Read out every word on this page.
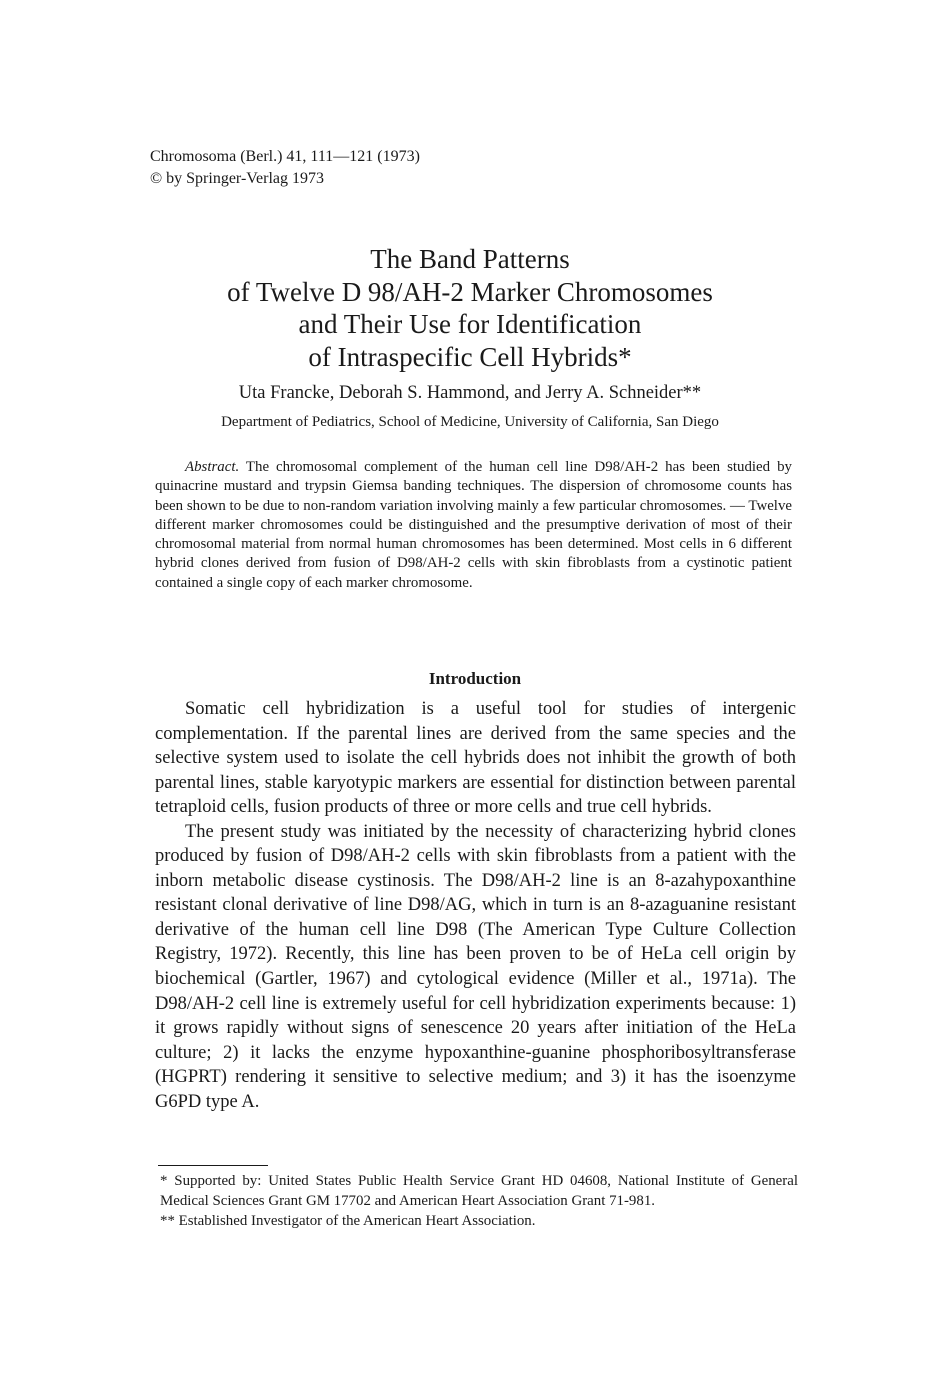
Chromosoma (Berl.) 41, 111—121 (1973)
© by Springer-Verlag 1973
The Band Patterns
of Twelve D 98/AH-2 Marker Chromosomes
and Their Use for Identification
of Intraspecific Cell Hybrids*
Uta Francke, Deborah S. Hammond, and Jerry A. Schneider**
Department of Pediatrics, School of Medicine, University of California, San Diego

Abstract. The chromosomal complement of the human cell line D98/AH-2 has been studied by quinacrine mustard and trypsin Giemsa banding techniques. The dispersion of chromosome counts has been shown to be due to non-random variation involving mainly a few particular chromosomes. — Twelve different marker chromosomes could be distinguished and the presumptive derivation of most of their chromosomal material from normal human chromosomes has been determined. Most cells in 6 different hybrid clones derived from fusion of D98/AH-2 cells with skin fibroblasts from a cystinotic patient contained a single copy of each marker chromosome.

Introduction

Somatic cell hybridization is a useful tool for studies of intergenic complementation. If the parental lines are derived from the same species and the selective system used to isolate the cell hybrids does not inhibit the growth of both parental lines, stable karyotypic markers are essential for distinction between parental tetraploid cells, fusion products of three or more cells and true cell hybrids.

The present study was initiated by the necessity of characterizing hybrid clones produced by fusion of D98/AH-2 cells with skin fibroblasts from a patient with the inborn metabolic disease cystinosis. The D98/AH-2 line is an 8-azahypoxanthine resistant clonal derivative of line D98/AG, which in turn is an 8-azaguanine resistant derivative of the human cell line D98 (The American Type Culture Collection Registry, 1972). Recently, this line has been proven to be of HeLa cell origin by biochemical (Gartler, 1967) and cytological evidence (Miller et al., 1971a). The D98/AH-2 cell line is extremely useful for cell hybridization experiments because: 1) it grows rapidly without signs of senescence 20 years after initiation of the HeLa culture; 2) it lacks the enzyme hypoxanthine-guanine phosphoribosyltransferase (HGPRT) rendering it sensitive to selective medium; and 3) it has the isoenzyme G6PD type A.

* Supported by: United States Public Health Service Grant HD 04608, National Institute of General Medical Sciences Grant GM 17702 and American Heart Association Grant 71-981.

** Established Investigator of the American Heart Association.
